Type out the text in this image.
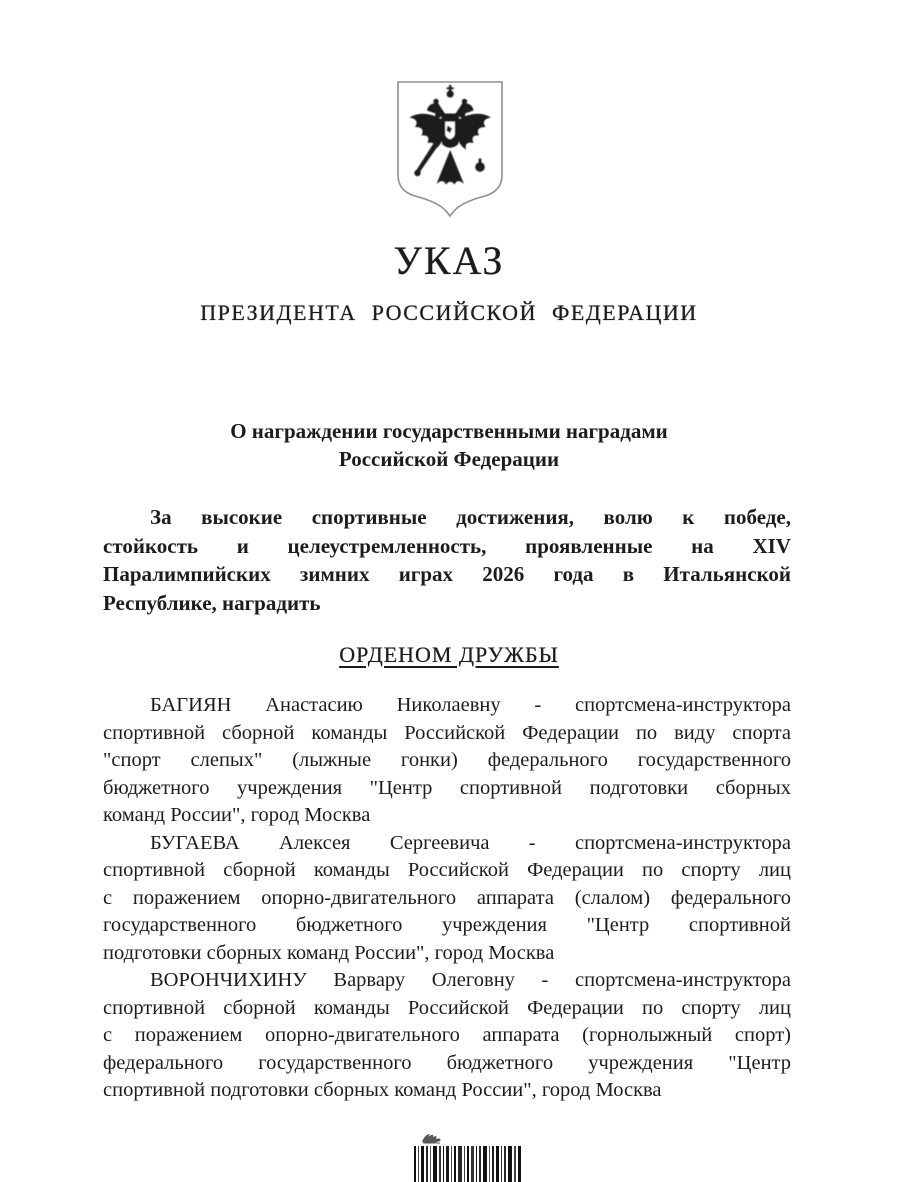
УКАЗ
ПРЕЗИДЕНТА РОССИЙСКОЙ ФЕДЕРАЦИИ
О награждении государственными наградами
Российской Федерации
За высокие спортивные достижения, волю к победе,
стойкость и целеустремленность, проявленные на XIV
Паралимпийских зимних играх 2026 года в Итальянской
Республике, наградить
ОРДЕНОМ ДРУЖБЫ
БАГИЯН Анастасию Николаевну - спортсмена-инструктора
спортивной сборной команды Российской Федерации по виду спорта
"спорт слепых" (лыжные гонки) федерального государственного
бюджетного учреждения "Центр спортивной подготовки сборных
команд России", город Москва
БУГАЕВА Алексея Сергеевича - спортсмена-инструктора
спортивной сборной команды Российской Федерации по спорту лиц
с поражением опорно-двигательного аппарата (слалом) федерального
государственного бюджетного учреждения "Центр спортивной
подготовки сборных команд России", город Москва
ВОРОНЧИХИНУ Варвару Олеговну - спортсмена-инструктора
спортивной сборной команды Российской Федерации по спорту лиц
с поражением опорно-двигательного аппарата (горнолыжный спорт)
федерального государственного бюджетного учреждения "Центр
спортивной подготовки сборных команд России", город Москва
